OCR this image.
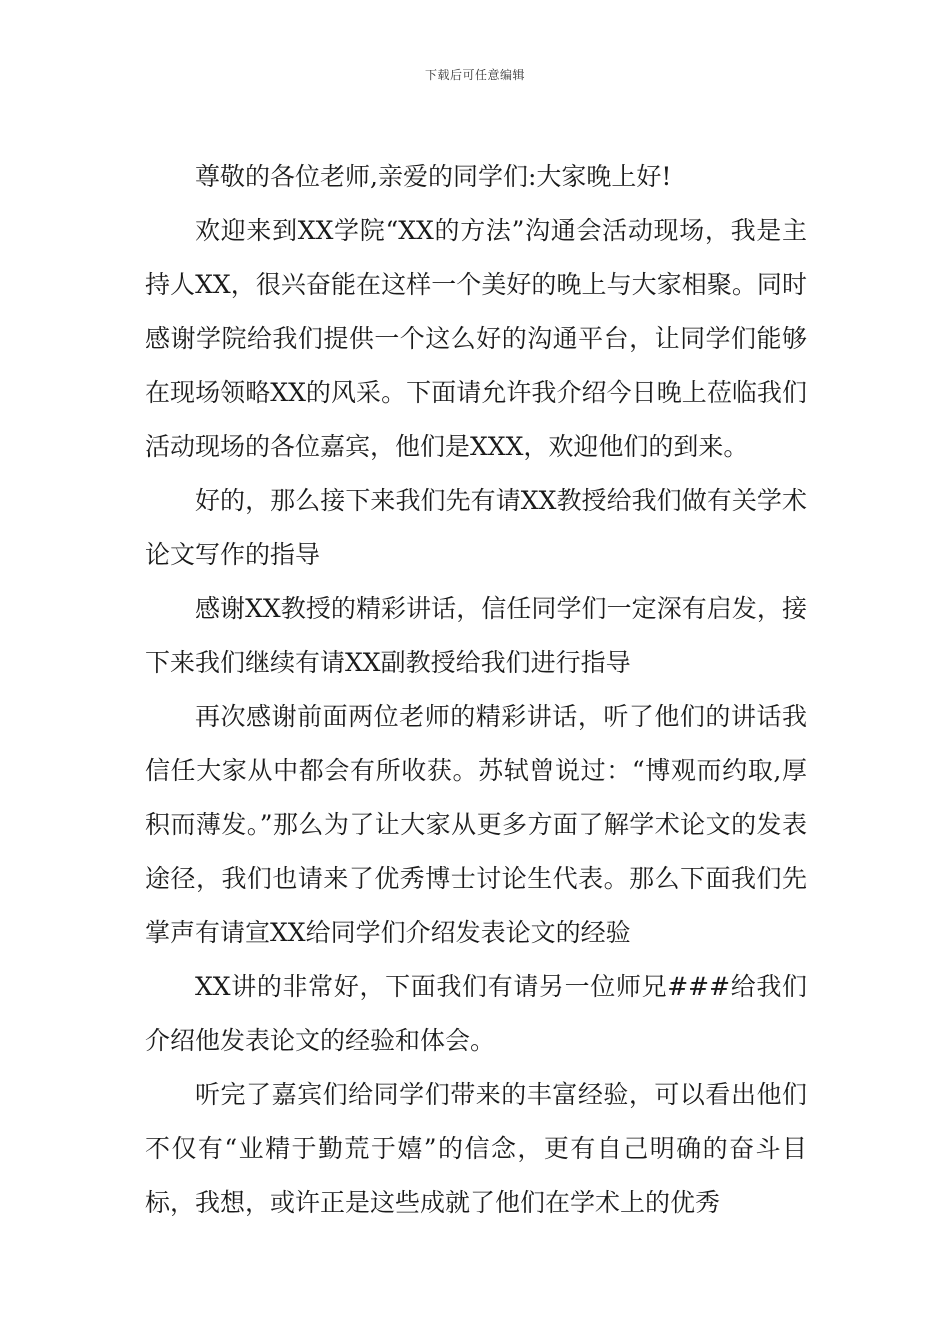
下载后可任意编辑

尊敬的各位老师,亲爱的同学们:大家晚上好!

欢迎来到XX学院“XX的方法”沟通会活动现场，我是主持人XX，很兴奋能在这样一个美好的晚上与大家相聚。同时感谢学院给我们提供一个这么好的沟通平台，让同学们能够在现场领略XX的风采。下面请允许我介绍今日晚上莅临我们活动现场的各位嘉宾，他们是XXX，欢迎他们的到来。

好的，那么接下来我们先有请XX教授给我们做有关学术论文写作的指导

感谢XX教授的精彩讲话，信任同学们一定深有启发，接下来我们继续有请XX副教授给我们进行指导

再次感谢前面两位老师的精彩讲话，听了他们的讲话我信任大家从中都会有所收获。苏轼曾说过：“博观而约取,厚积而薄发。”那么为了让大家从更多方面了解学术论文的发表途径，我们也请来了优秀博士讨论生代表。那么下面我们先掌声有请宣XX给同学们介绍发表论文的经验

XX讲的非常好，下面我们有请另一位师兄###给我们介绍他发表论文的经验和体会。

听完了嘉宾们给同学们带来的丰富经验，可以看出他们不仅有“业精于勤荒于嬉”的信念，更有自己明确的奋斗目标，我想，或许正是这些成就了他们在学术上的优秀
